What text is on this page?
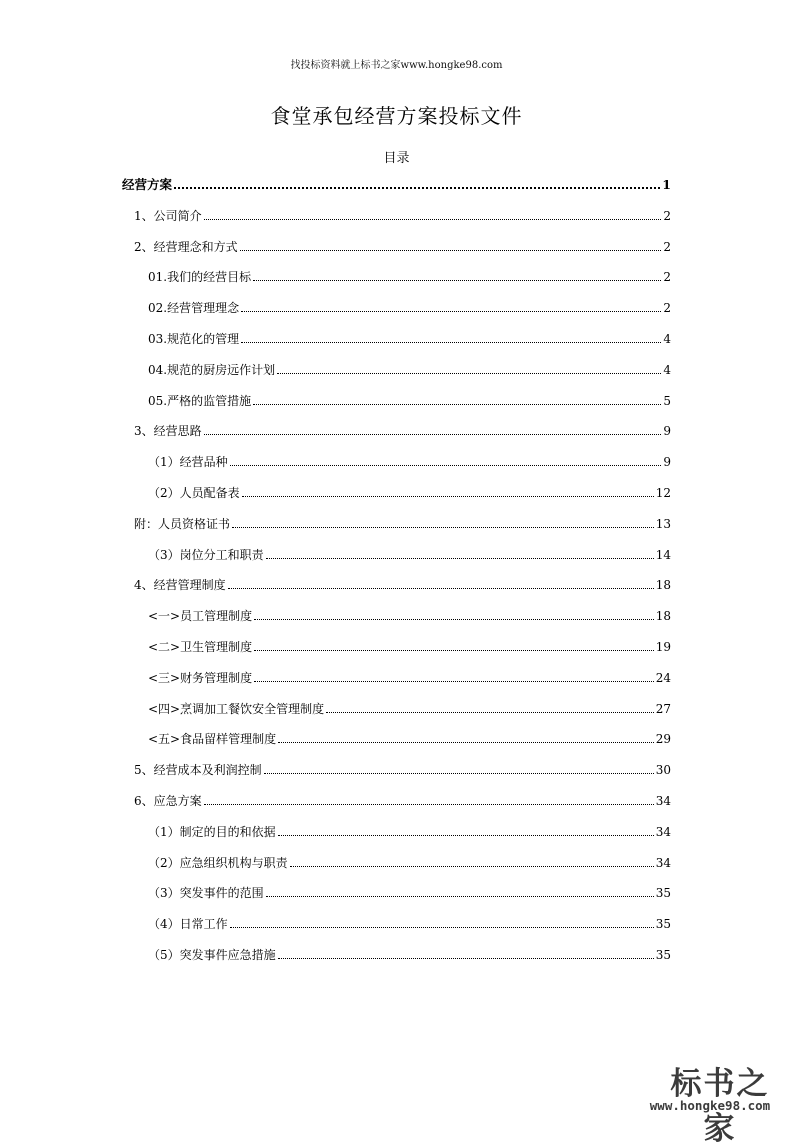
找投标资料就上标书之家www.hongke98.com
食堂承包经营方案投标文件
目录
经营方案	1
1、公司简介	2
2、经营理念和方式	2
01.我们的经营目标	2
02.经营管理理念	2
03.规范化的管理	4
04.规范的厨房远作计划	4
05.严格的监管措施	5
3、经营思路	9
（1）经营品种	9
（2）人员配备表	12
附：人员资格证书	13
（3）岗位分工和职责	14
4、经营管理制度	18
<一>员工管理制度	18
<二>卫生管理制度	19
<三>财务管理制度	24
<四>烹调加工餐饮安全管理制度	27
<五>食品留样管理制度	29
5、经营成本及利润控制	30
6、应急方案	34
（1）制定的目的和依据	34
（2）应急组织机构与职责	34
（3）突发事件的范围	35
（4）日常工作	35
（5）突发事件应急措施	35
标书之家
www.hongke98.com
